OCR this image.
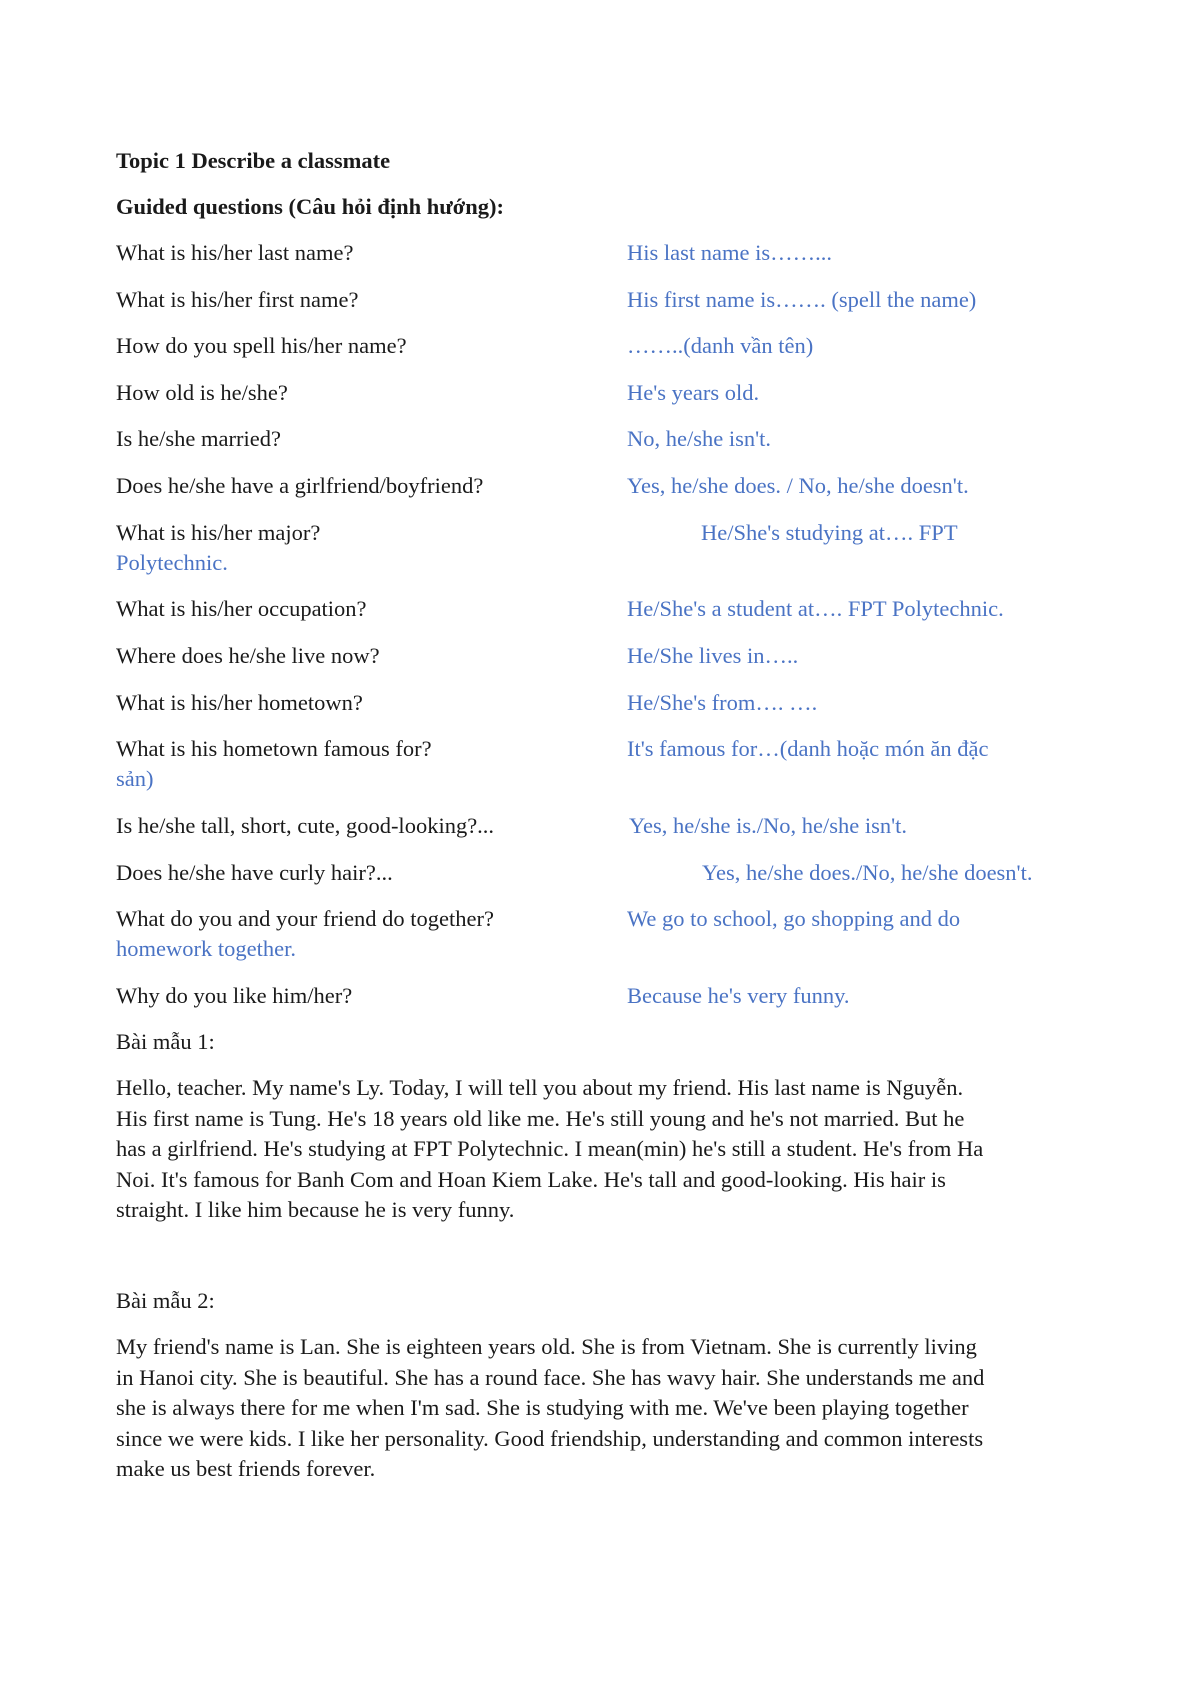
Topic 1 Describe a classmate
Guided questions (Câu hỏi định hướng):
What is his/her last name?	His last name is……...
What is his/her first name?	His first name is……. (spell the name)
How do you spell his/her name?	……..(danh vần tên)
How old is he/she?	He's years old.
Is he/she married?	No, he/she isn't.
Does he/she have a girlfriend/boyfriend?	Yes, he/she does. / No, he/she doesn't.
What is his/her major?	He/She's studying at…. FPT
Polytechnic.
What is his/her occupation?	He/She's a student at…. FPT Polytechnic.
Where does he/she live now?	He/She lives in…..
What is his/her hometown?	He/She's from…. ….
What is his hometown famous for?	It's famous for…(danh hoặc món ăn đặc
sản)
Is he/she tall, short, cute, good-looking?...	Yes, he/she is./No, he/she isn't.
Does he/she have curly hair?...	Yes, he/she does./No, he/she doesn't.
What do you and your friend do together?	We go to school, go shopping and do
homework together.
Why do you like him/her?	Because he's very funny.
Bài mẫu 1:
Hello, teacher. My name's Ly. Today, I will tell you about my friend. His last name is Nguyễn.
His first name is Tung. He's 18 years old like me. He's still young and he's not married. But he
has a girlfriend. He's studying at FPT Polytechnic. I mean(min) he's still a student. He's from Ha
Noi. It's famous for Banh Com and Hoan Kiem Lake. He's tall and good-looking. His hair is
straight. I like him because he is very funny.
Bài mẫu 2:
My friend's name is Lan. She is eighteen years old. She is from Vietnam. She is currently living
in Hanoi city. She is beautiful. She has a round face. She has wavy hair. She understands me and
she is always there for me when I'm sad. She is studying with me. We've been playing together
since we were kids. I like her personality. Good friendship, understanding and common interests
make us best friends forever.
